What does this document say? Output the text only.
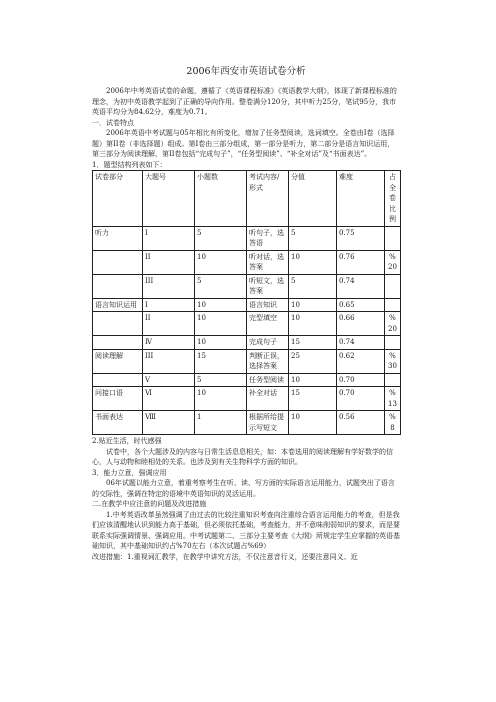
2006年西安市英语试卷分析

2006年中考英语试卷的命题，遵循了《英语课程标准》《英语教学大纲》，体现了新课程标准的理念，为初中英语教学起到了正确的导向作用。整卷满分120分，其中听力25分，笔试95分，我市英语平均分为84.62分，难度为0.71。

一．试卷特点

2006年英语中考试题与05年相比有所变化，增加了任务型阅读，选词填空。全卷由I卷（选择题）第II卷（非选择题）组成。第I卷由三部分组成，第一部分是听力，第二部分是语言知识运用，第三部分为阅读理解，第II卷包括“完成句子”，“任务型阅读”、“补全对话”及“书面表达”。

1．题型结构列表如下：

试卷部分	大题号	小题数	考试内容/形式	分值	难度	占全卷比例
听力	I	5	听句子，选答语	5	0.75	
	II	10	听对话，选答案	10	0.76	%20
	III	5	听短文，选答案	5	0.74	
语言知识运用	I	10	语言知识	10	0.65	
	II	10	完型填空	10	0.66	%20
	Ⅳ	10	完成句子	15	0.74	
阅读理解	III	15	判断正误，选择答案	25	0.62	%30
	Ⅴ	5	任务型阅读	10	0.70	
问接口语	Ⅵ	10	补全对话	15	0.70	%13
书面表达	Ⅷ	1	根据所给提示写短文	10	0.56	%8

2.贴近生活，时代感强

试卷中，各个大题涉及的内容与日常生活息息相关，如：本卷选用的阅读理解有学好数学的信心，人与动物和睦相处的关系。也涉及到有关生物科学方面的知识。

3．能力立意，强调应用

06年试题以能力立意，着重考察考生在听、读、写方面的实际语言运用能力，试题突出了语言的交际性，强调在特定的语境中英语知识的灵活运用。

二.在教学中应注意的问题及改进措施

1.中考英语改革虽然强调了由过去的比较注重知识考查向注重综合语言运用能力的考查，但是我们应该清醒地认识到能力高于基础，但必须依托基础，考查能力，并不意味削弱知识的要求，而是要联系实际强调情景、强调应用。中考试题第二、三部分主要考查《大纲》所规定学生应掌握的英语基础知识，其中基础知识约占%70左右（本次试题占%69）

改进措施：1.重视词汇教学，在教学中讲究方法，不仅注意音行义，还要注意同义、近
